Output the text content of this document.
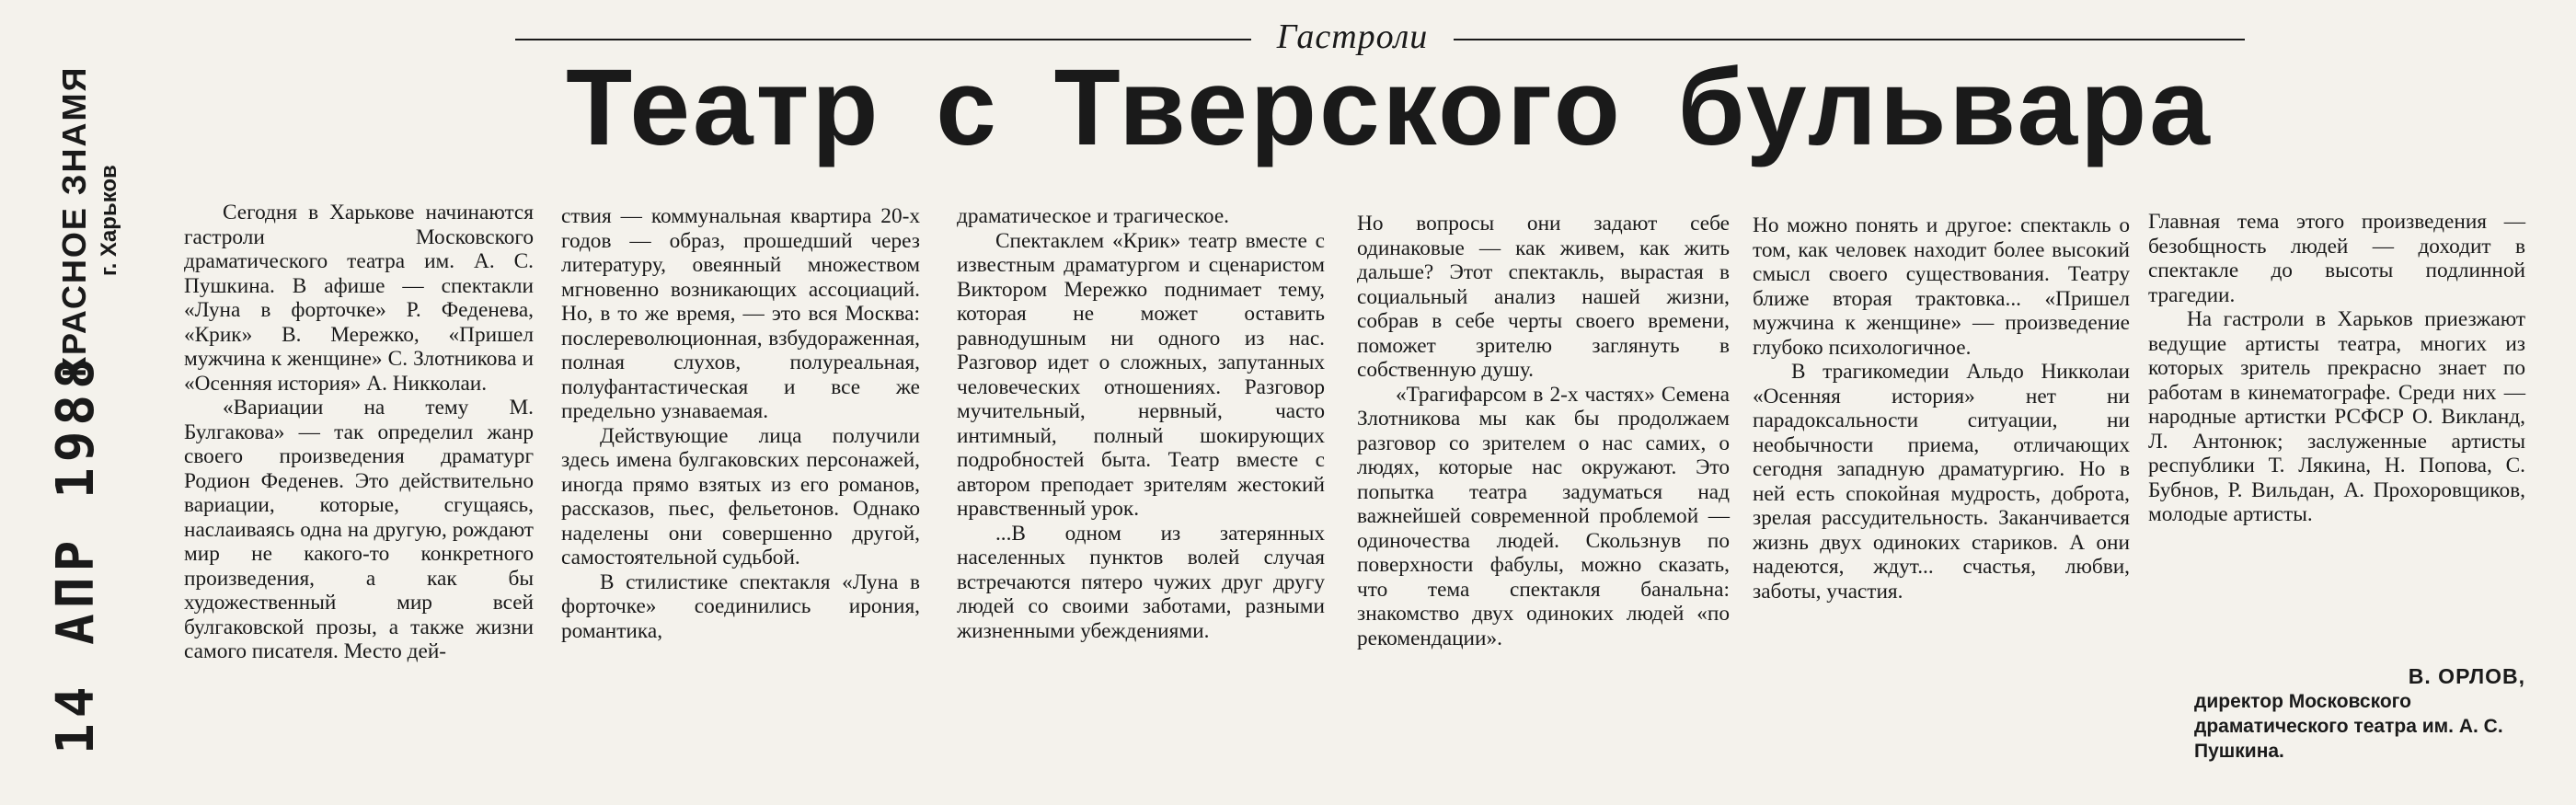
КРАСНОЕ ЗНАМЯ г. Харьков
14 АПР 1988
Гастроли
Театр с Тверского бульвара

Сегодня в Харькове начинаются гастроли Московского драматического театра им. А. С. Пушкина. В афише — спектакли «Луна в форточке» Р. Феденева, «Крик» В. Мережко, «Пришел мужчина к женщине» С. Злотникова и «Осенняя история» А. Никколаи.

«Вариации на тему М. Булгакова» — так определил жанр своего произведения драматург Родион Феденев. Это действительно вариации, которые, сгущаясь, наслаиваясь одна на другую, рождают мир не какого-то конкретного произведения, а как бы художественный мир всей булгаковской прозы, а также жизни самого писателя. Место дей-

ствия — коммунальная квартира 20-х годов — образ, прошедший через литературу, овеянный множеством мгновенно возникающих ассоциаций. Но, в то же время, — это вся Москва: послереволюционная, взбудораженная, полная слухов, полуреальная, полуфантастическая и все же предельно узнаваемая.

Действующие лица получили здесь имена булгаковских персонажей, иногда прямо взятых из его романов, рассказов, пьес, фельетонов. Однако наделены они совершенно другой, самостоятельной судьбой.

В стилистике спектакля «Луна в форточке» соединились ирония, романтика,

драматическое и трагическое.

Спектаклем «Крик» театр вместе с известным драматургом и сценаристом Виктором Мережко поднимает тему, которая не может оставить равнодушным ни одного из нас. Разговор идет о сложных, запутанных человеческих отношениях. Разговор мучительный, нервный, часто интимный, полный шокирующих подробностей быта. Театр вместе с автором преподает зрителям жестокий нравственный урок.

...В одном из затерянных населенных пунктов волей случая встречаются пятеро чужих друг другу людей со своими заботами, разными жизненными убеждениями.

Но вопросы они задают себе одинаковые — как живем, как жить дальше? Этот спектакль, вырастая в социальный анализ нашей жизни, собрав в себе черты своего времени, поможет зрителю заглянуть в собственную душу.

«Трагифарсом в 2-х частях» Семена Злотникова мы как бы продолжаем разговор со зрителем о нас самих, о людях, которые нас окружают. Это попытка театра задуматься над важнейшей современной проблемой — одиночества людей. Скользнув по поверхности фабулы, можно сказать, что тема спектакля банальна: знакомство двух одиноких людей «по рекомендации».

Но можно понять и другое: спектакль о том, как человек находит более высокий смысл своего существования. Театру ближе вторая трактовка... «Пришел мужчина к женщине» — произведение глубоко психологичное.

В трагикомедии Альдо Никколаи «Осенняя история» нет ни парадоксальности ситуации, ни необычности приема, отличающих сегодня западную драматургию. Но в ней есть спокойная мудрость, доброта, зрелая рассудительность. Заканчивается жизнь двух одиноких стариков. А они надеются, ждут... счастья, любви, заботы, участия.

Главная тема этого произведения — безобщность людей — доходит в спектакле до высоты подлинной трагедии.

На гастроли в Харьков приезжают ведущие артисты театра, многих из которых зритель прекрасно знает по работам в кинематографе. Среди них — народные артистки РСФСР О. Викланд, Л. Антонюк; заслуженные артисты республики Т. Лякина, Н. Попова, С. Бубнов, Р. Вильдан, А. Прохоровщиков, молодые артисты.

В. ОРЛОВ,
директор Московского драматического театра им. А. С. Пушкина.
